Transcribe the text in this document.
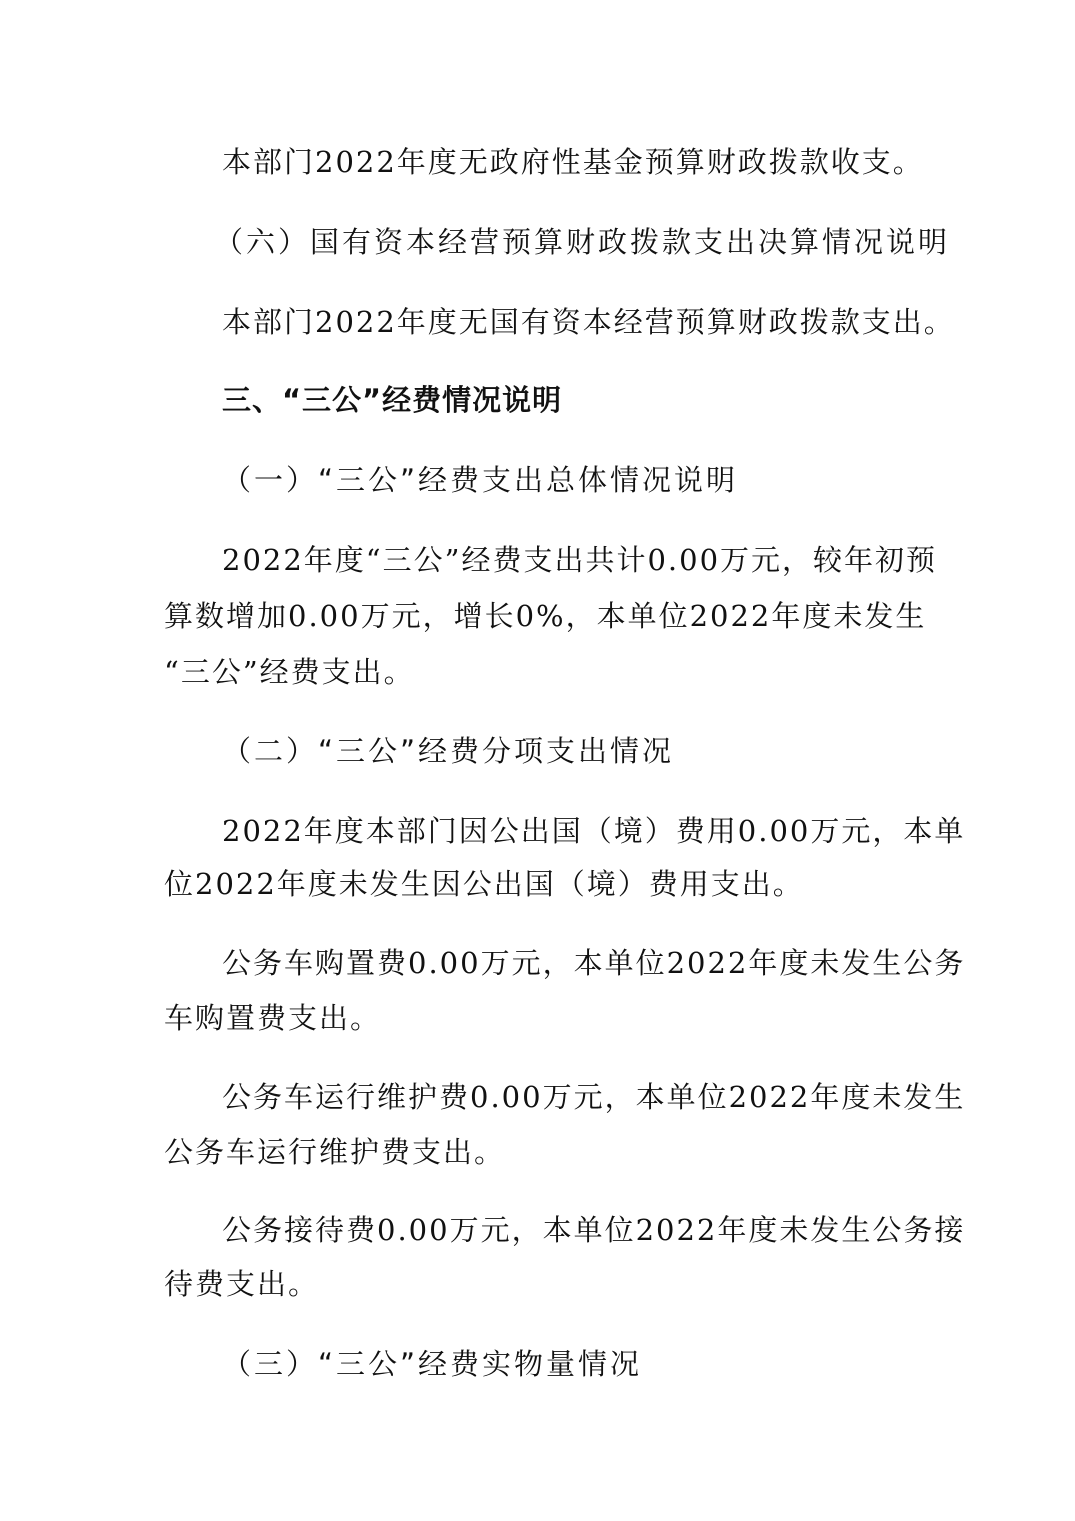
本部门2022年度无政府性基金预算财政拨款收支。
（六）国有资本经营预算财政拨款支出决算情况说明
本部门2022年度无国有资本经营预算财政拨款支出。
三、“三公”经费情况说明
（一）“三公”经费支出总体情况说明
2022年度“三公”经费支出共计0.00万元，较年初预
算数增加0.00万元，增长0%，本单位2022年度未发生
“三公”经费支出。
（二）“三公”经费分项支出情况
2022年度本部门因公出国（境）费用0.00万元，本单
位2022年度未发生因公出国（境）费用支出。
公务车购置费0.00万元，本单位2022年度未发生公务
车购置费支出。
公务车运行维护费0.00万元，本单位2022年度未发生
公务车运行维护费支出。
公务接待费0.00万元，本单位2022年度未发生公务接
待费支出。
（三）“三公”经费实物量情况
